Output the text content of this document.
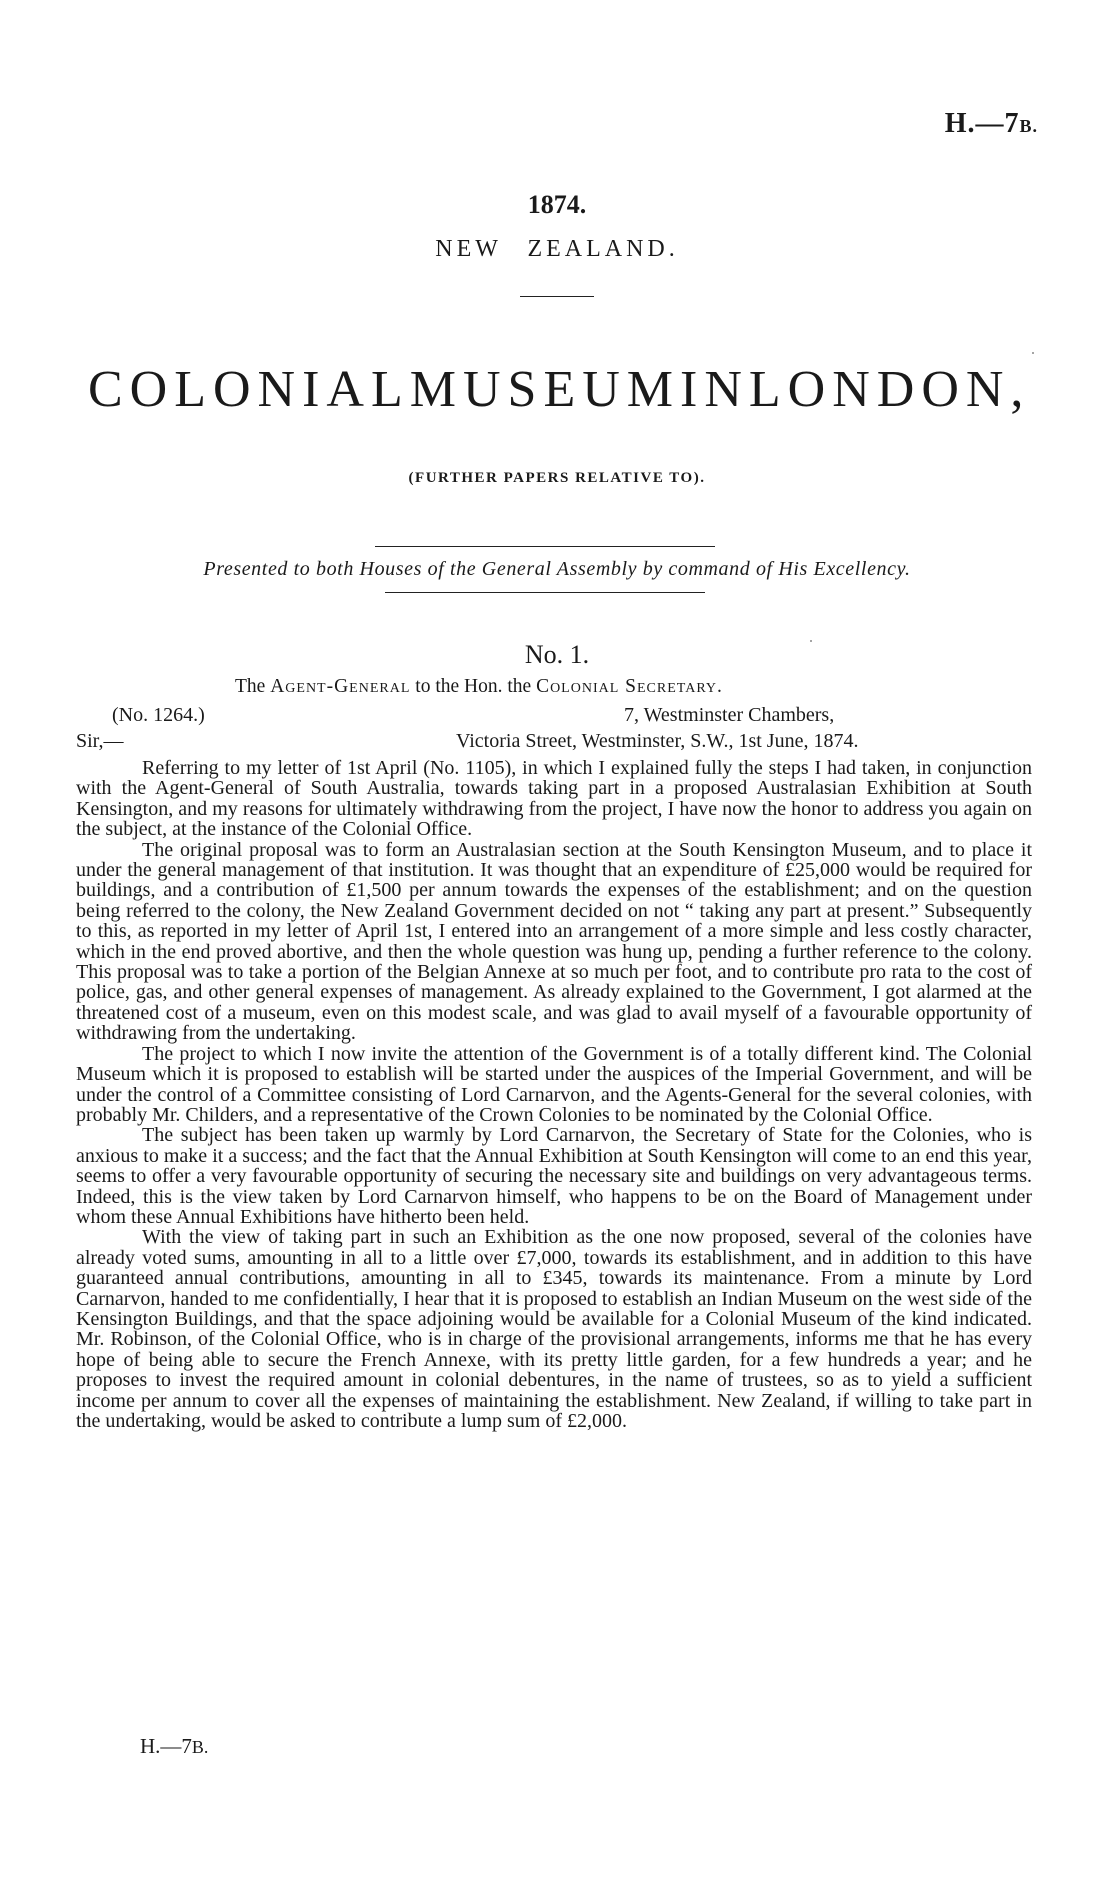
H.—7B.
1874.
NEW ZEALAND.
COLONIAL MUSEUM IN LONDON,
(FURTHER PAPERS RELATIVE TO).
Presented to both Houses of the General Assembly by command of His Excellency.
No. 1.
The Agent-General to the Hon. the Colonial Secretary.
(No. 1264.)	7, Westminster Chambers,
Sir,—	Victoria Street, Westminster, S.W., 1st June, 1874.

Referring to my letter of 1st April (No. 1105), in which I explained fully the steps I had taken, in conjunction with the Agent-General of South Australia, towards taking part in a proposed Australasian Exhibition at South Kensington, and my reasons for ultimately withdrawing from the project, I have now the honor to address you again on the subject, at the instance of the Colonial Office.

The original proposal was to form an Australasian section at the South Kensington Museum, and to place it under the general management of that institution. It was thought that an expenditure of £25,000 would be required for buildings, and a contribution of £1,500 per annum towards the expenses of the establishment; and on the question being referred to the colony, the New Zealand Government decided on not “ taking any part at present.” Subsequently to this, as reported in my letter of April 1st, I entered into an arrangement of a more simple and less costly character, which in the end proved abortive, and then the whole question was hung up, pending a further reference to the colony. This proposal was to take a portion of the Belgian Annexe at so much per foot, and to contribute pro rata to the cost of police, gas, and other general expenses of management. As already explained to the Government, I got alarmed at the threatened cost of a museum, even on this modest scale, and was glad to avail myself of a favourable opportunity of withdrawing from the undertaking.

The project to which I now invite the attention of the Government is of a totally different kind. The Colonial Museum which it is proposed to establish will be started under the auspices of the Imperial Government, and will be under the control of a Committee consisting of Lord Carnarvon, and the Agents-General for the several colonies, with probably Mr. Childers, and a representative of the Crown Colonies to be nominated by the Colonial Office.

The subject has been taken up warmly by Lord Carnarvon, the Secretary of State for the Colonies, who is anxious to make it a success; and the fact that the Annual Exhibition at South Kensington will come to an end this year, seems to offer a very favourable opportunity of securing the necessary site and buildings on very advantageous terms. Indeed, this is the view taken by Lord Carnarvon himself, who happens to be on the Board of Management under whom these Annual Exhibitions have hitherto been held.

With the view of taking part in such an Exhibition as the one now proposed, several of the colonies have already voted sums, amounting in all to a little over £7,000, towards its establishment, and in addition to this have guaranteed annual contributions, amounting in all to £345, towards its maintenance. From a minute by Lord Carnarvon, handed to me confidentially, I hear that it is proposed to establish an Indian Museum on the west side of the Kensington Buildings, and that the space adjoining would be available for a Colonial Museum of the kind indicated. Mr. Robinson, of the Colonial Office, who is in charge of the provisional arrangements, informs me that he has every hope of being able to secure the French Annexe, with its pretty little garden, for a few hundreds a year; and he proposes to invest the required amount in colonial debentures, in the name of trustees, so as to yield a sufficient income per annum to cover all the expenses of maintaining the establishment. New Zealand, if willing to take part in the undertaking, would be asked to contribute a lump sum of £2,000.

H.—7B.
